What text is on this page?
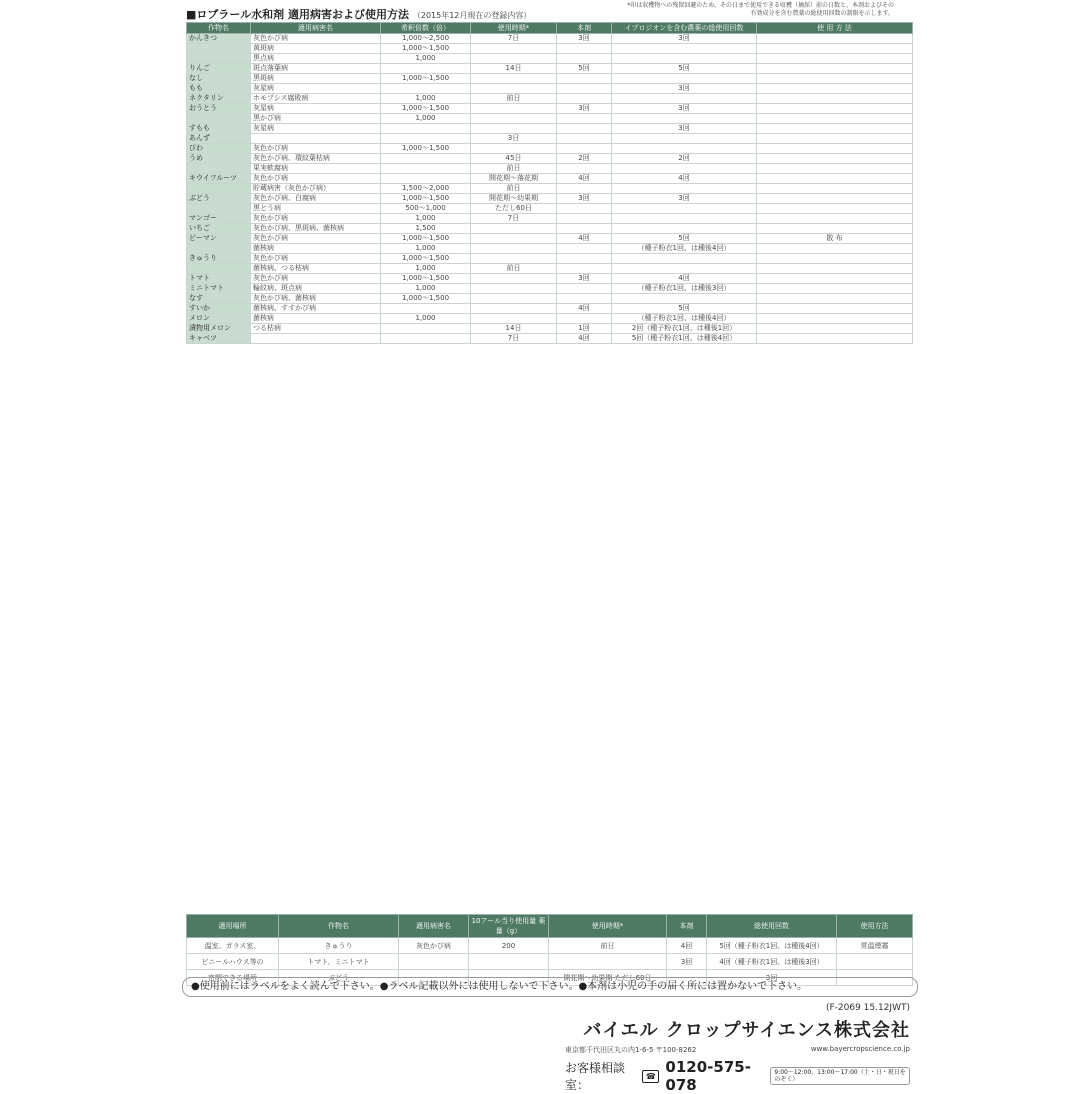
■ロブラール水和剤 適用病害および使用方法 （2015年12月現在の登録内容）
*印は収穫物への残留回避のため、その日まで使用できる収穫（摘採）前の日数と、本剤およびその有効成分を含む農薬の総使用回数の制限を示します。
作物名	適用病害名	希釈倍数（倍）	使用時期*	本剤	イプロジオンを含む農薬の総使用回数	使 用 方 法
かんきつ	灰色かび病	1,000～2,500	7日	3回	3回	
	黄斑病	1,000～1,500				
	黒点病	1,000				
りんご	斑点落葉病		14日	5回	5回	
なし	黒斑病	1,000～1,500				
もも	灰星病				3回	
ネクタリン	ホモプシス腐敗病	1,000	前日			
おうとう	灰星病	1,000～1,500		3回	3回	
	黒かび病	1,000				
すもも	灰星病				3回	
あんず			3日			
びわ	灰色かび病	1,000～1,500				
うめ	灰色かび病、環紋葉枯病		45日	2回	2回	
	果実軟腐病		前日			
キウイフルーツ	灰色かび病		開花期～落花期	4回	4回	
	貯蔵病害（灰色かび病）	1,500～2,000	前日			
ぶどう	灰色かび病、白腐病	1,000～1,500	開花期～幼果期	3回	3回	
	黒とう病	500～1,000	ただし60日			
マンゴー	灰色かび病	1,000	7日			
いちご	灰色かび病、黒斑病、菌核病	1,500				
ピーマン	灰色かび病	1,000～1,500		4回	5回	散 布
	菌核病	1,000			（種子粉衣1回、は種後4回）	
きゅうり	灰色かび病	1,000～1,500				
	菌核病、つる枯病	1,000	前日			
トマト	灰色かび病	1,000～1,500		3回	4回	
ミニトマト	輪紋病、斑点病	1,000			（種子粉衣1回、は種後3回）	
なす	灰色かび病、菌核病	1,000～1,500				
すいか	菌核病、すすかび病			4回	5回	
メロン	菌核病	1,000			（種子粉衣1回、は種後4回）	
漬物用メロン	つる枯病		14日	1回	2回（種子粉衣1回、は種後1回）	
キャベツ			7日	4回	5回（種子粉衣1回、は種後4回）	
適用場所	作物名	適用病害名	10アール当り使用量 薬量（g）	使用時期*	本剤	総使用回数	使用方法
温室、ガラス室、	きゅうり	灰色かび病	200	前日	4回	5回（種子粉衣1回、は種後4回）	常温煙霧
ビニールハウス等の	トマト、ミニトマト				3回	4回（種子粉衣1回、は種後3回）	
密閉できる場所	ぶどう			開花期～幼果期 ただし60日		3回	
●使用前にはラベルをよく読んで下さい。●ラベル記載以外には使用しないで下さい。●本剤は小児の手の届く所には置かないで下さい。
(F-2069 15.12JWT)
バイエル クロップサイエンス株式会社
東京都千代田区丸の内1-6-5 〒100-8262	www.bayercropscience.co.jp
お客様相談室：
☎ 0120-575-078
9:00～12:00、13:00～17:00（土・日・祝日をのぞく）
